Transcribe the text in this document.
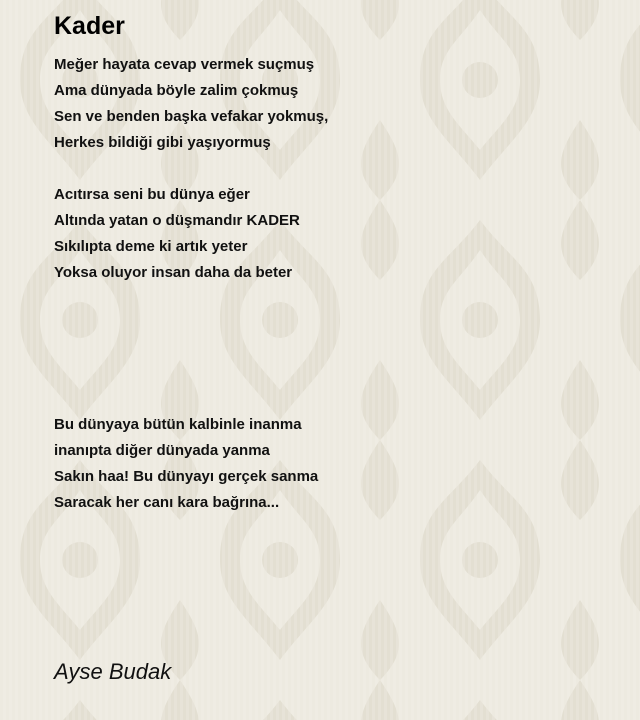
Kader
Meğer hayata cevap vermek suçmuş
Ama dünyada böyle zalim çokmuş
Sen ve benden başka vefakar yokmuş,
Herkes bildiği gibi yaşıyormuş
Acıtırsa seni bu dünya eğer
Altında yatan o düşmandır KADER
Sıkılıpta deme ki artık yeter
Yoksa oluyor insan daha da beter
Bu dünyaya bütün kalbinle inanma
inanıpta diğer dünyada yanma
Sakın haa! Bu dünyayı gerçek sanma
Saracak her canı kara bağrına...
Ayse Budak
